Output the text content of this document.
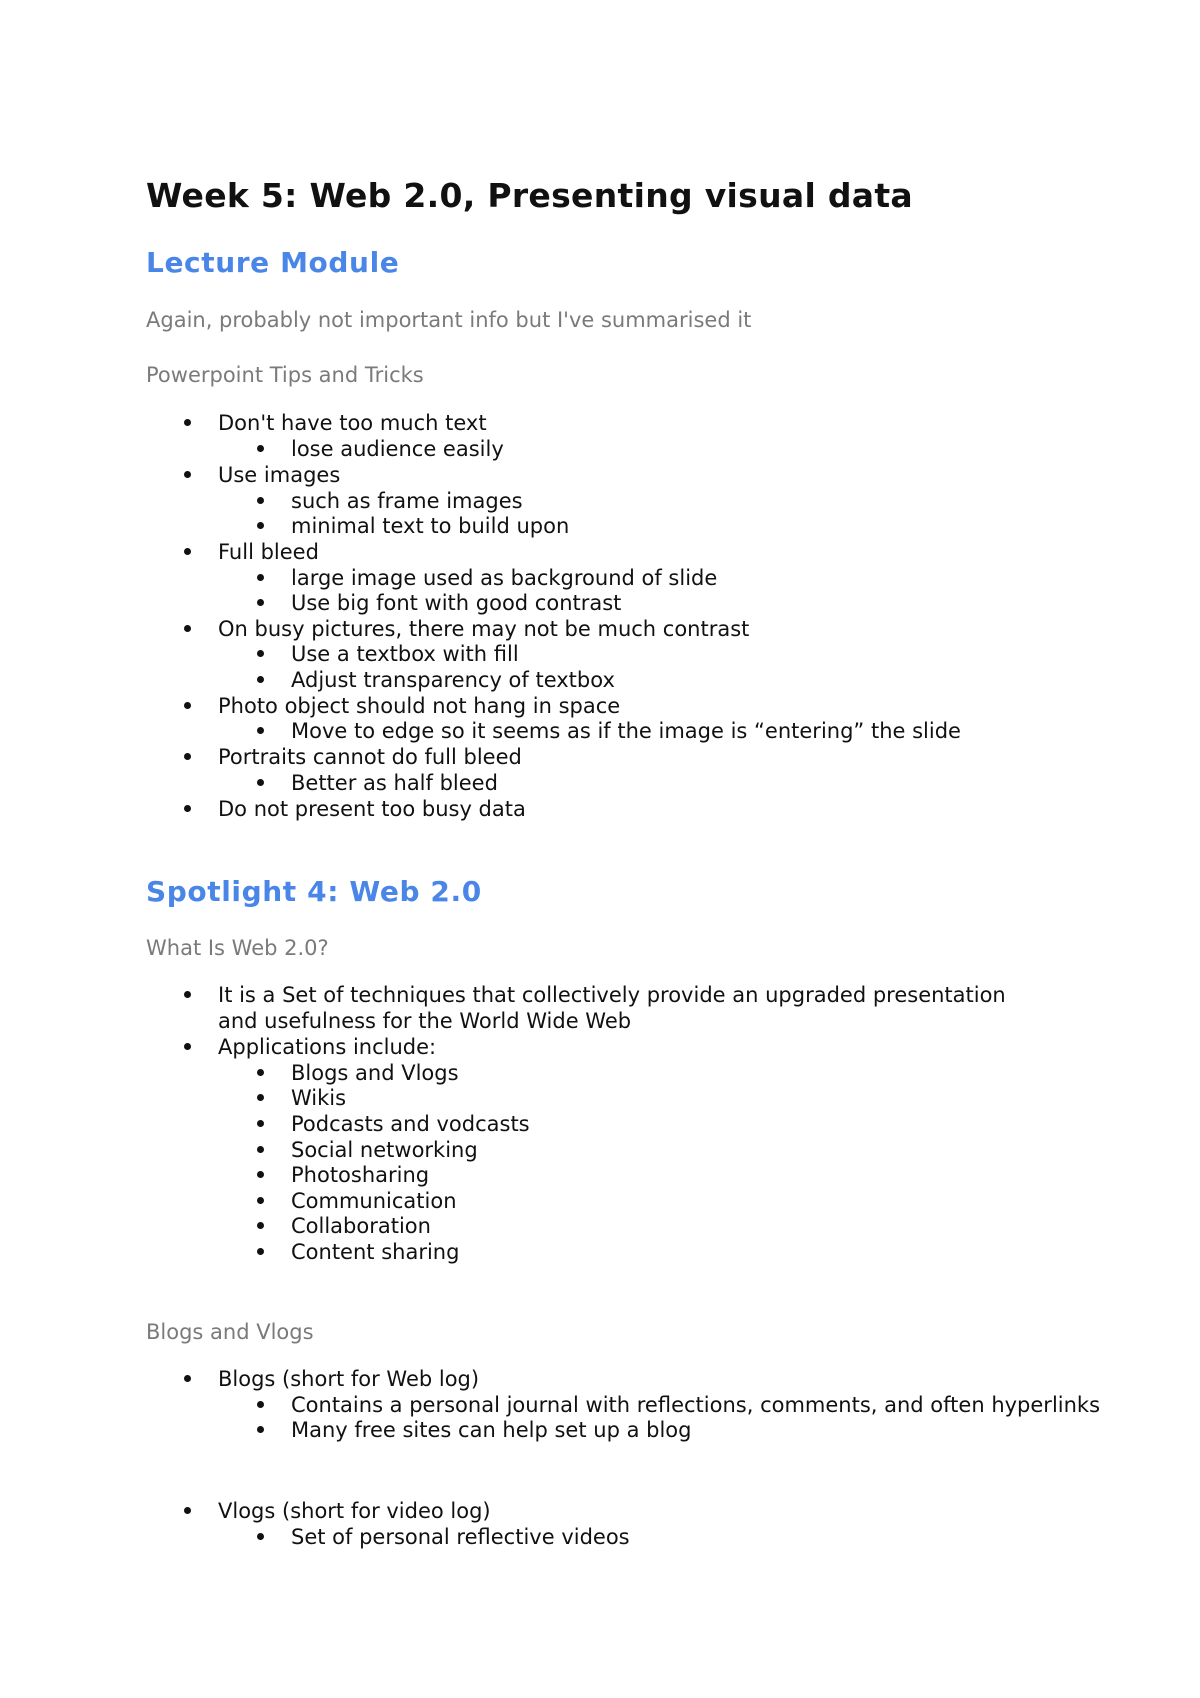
Week 5: Web 2.0, Presenting visual data
Lecture Module
Again, probably not important info but I've summarised it
Powerpoint Tips and Tricks
Don't have too much text
lose audience easily
Use images
such as frame images
minimal text to build upon
Full bleed
large image used as background of slide
Use big font with good contrast
On busy pictures, there may not be much contrast
Use a textbox with fill
Adjust transparency of textbox
Photo object should not hang in space
Move to edge so it seems as if the image is “entering” the slide
Portraits cannot do full bleed
Better as half bleed
Do not present too busy data
Spotlight 4: Web 2.0
What Is Web 2.0?
It is a Set of techniques that collectively provide an upgraded presentation and usefulness for the World Wide Web
Applications include:
Blogs and Vlogs
Wikis
Podcasts and vodcasts
Social networking
Photosharing
Communication
Collaboration
Content sharing
Blogs and Vlogs
Blogs (short for Web log)
Contains a personal journal with reflections, comments, and often hyperlinks
Many free sites can help set up a blog
Vlogs (short for video log)
Set of personal reflective videos
